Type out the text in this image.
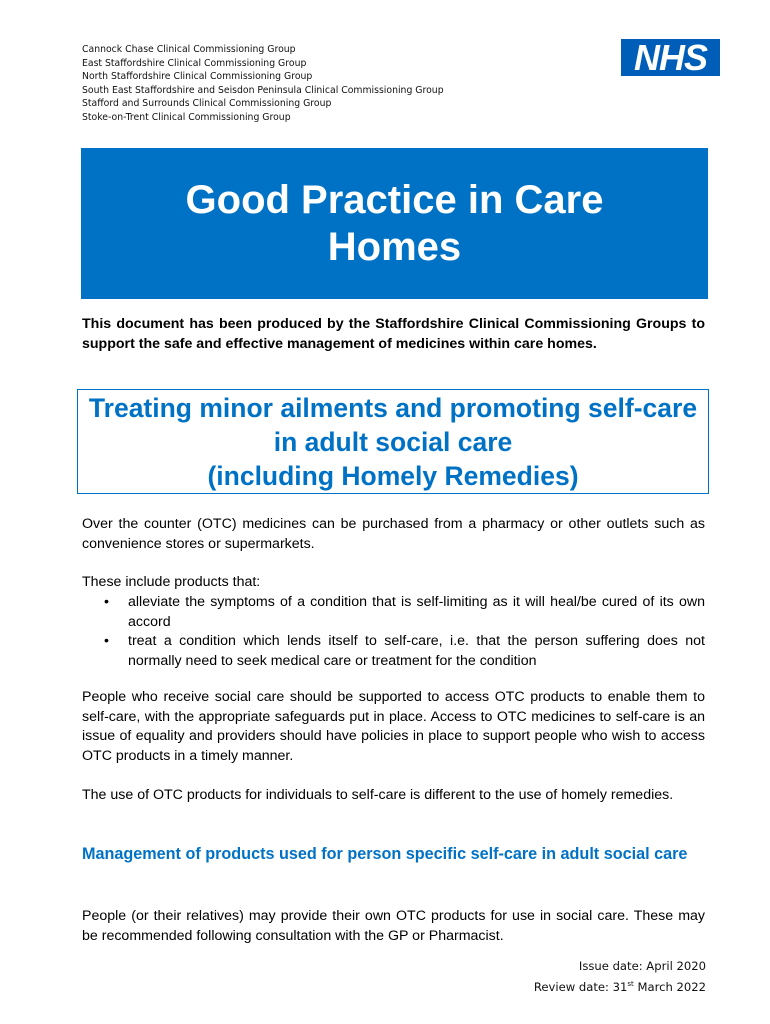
Cannock Chase Clinical Commissioning Group
East Staffordshire Clinical Commissioning Group
North Staffordshire Clinical Commissioning Group
South East Staffordshire and Seisdon Peninsula Clinical Commissioning Group
Stafford and Surrounds Clinical Commissioning Group
Stoke-on-Trent Clinical Commissioning Group
NHS
Good Practice in Care Homes
This document has been produced by the Staffordshire Clinical Commissioning Groups to support the safe and effective management of medicines within care homes.
Treating minor ailments and promoting self-care in adult social care
(including Homely Remedies)
Over the counter (OTC) medicines can be purchased from a pharmacy or other outlets such as convenience stores or supermarkets.
These include products that:
• alleviate the symptoms of a condition that is self-limiting as it will heal/be cured of its own accord
• treat a condition which lends itself to self-care, i.e. that the person suffering does not normally need to seek medical care or treatment for the condition
People who receive social care should be supported to access OTC products to enable them to self-care, with the appropriate safeguards put in place. Access to OTC medicines to self-care is an issue of equality and providers should have policies in place to support people who wish to access OTC products in a timely manner.
The use of OTC products for individuals to self-care is different to the use of homely remedies.
Management of products used for person specific self-care in adult social care
People (or their relatives) may provide their own OTC products for use in social care. These may be recommended following consultation with the GP or Pharmacist.
Issue date: April 2020
Review date: 31st March 2022
